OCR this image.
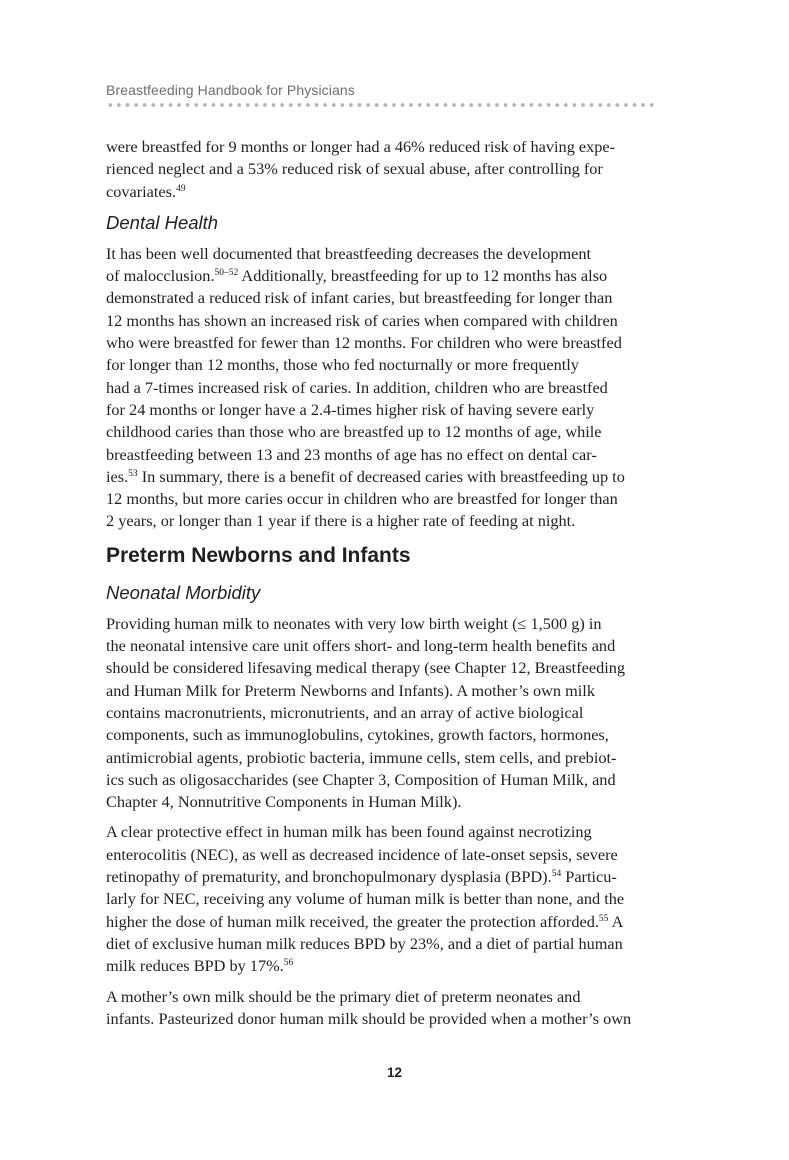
Breastfeeding Handbook for Physicians

were breastfed for 9 months or longer had a 46% reduced risk of having expe-
rienced neglect and a 53% reduced risk of sexual abuse, after controlling for
covariates.$^{49}$

Dental Health

It has been well documented that breastfeeding decreases the development
of malocclusion.$^{50-52}$ Additionally, breastfeeding for up to 12 months has also
demonstrated a reduced risk of infant caries, but breastfeeding for longer than
12 months has shown an increased risk of caries when compared with children
who were breastfed for fewer than 12 months. For children who were breastfed
for longer than 12 months, those who fed nocturnally or more frequently
had a 7-times increased risk of caries. In addition, children who are breastfed
for 24 months or longer have a 2.4-times higher risk of having severe early
childhood caries than those who are breastfed up to 12 months of age, while
breastfeeding between 13 and 23 months of age has no effect on dental car-
ies.$^{53}$ In summary, there is a benefit of decreased caries with breastfeeding up to
12 months, but more caries occur in children who are breastfed for longer than
2 years, or longer than 1 year if there is a higher rate of feeding at night.

Preterm Newborns and Infants
Neonatal Morbidity

Providing human milk to neonates with very low birth weight (≤ 1,500 g) in
the neonatal intensive care unit offers short- and long-term health benefits and
should be considered lifesaving medical therapy (see Chapter 12, Breastfeeding
and Human Milk for Preterm Newborns and Infants). A mother’s own milk
contains macronutrients, micronutrients, and an array of active biological
components, such as immunoglobulins, cytokines, growth factors, hormones,
antimicrobial agents, probiotic bacteria, immune cells, stem cells, and prebiot-
ics such as oligosaccharides (see Chapter 3, Composition of Human Milk, and
Chapter 4, Nonnutritive Components in Human Milk).

A clear protective effect in human milk has been found against necrotizing
enterocolitis (NEC), as well as decreased incidence of late-onset sepsis, severe
retinopathy of prematurity, and bronchopulmonary dysplasia (BPD).$^{54}$ Particu-
larly for NEC, receiving any volume of human milk is better than none, and the
higher the dose of human milk received, the greater the protection afforded.$^{55}$ A
diet of exclusive human milk reduces BPD by 23%, and a diet of partial human
milk reduces BPD by 17%.$^{56}$

A mother’s own milk should be the primary diet of preterm neonates and
infants. Pasteurized donor human milk should be provided when a mother’s own

12
